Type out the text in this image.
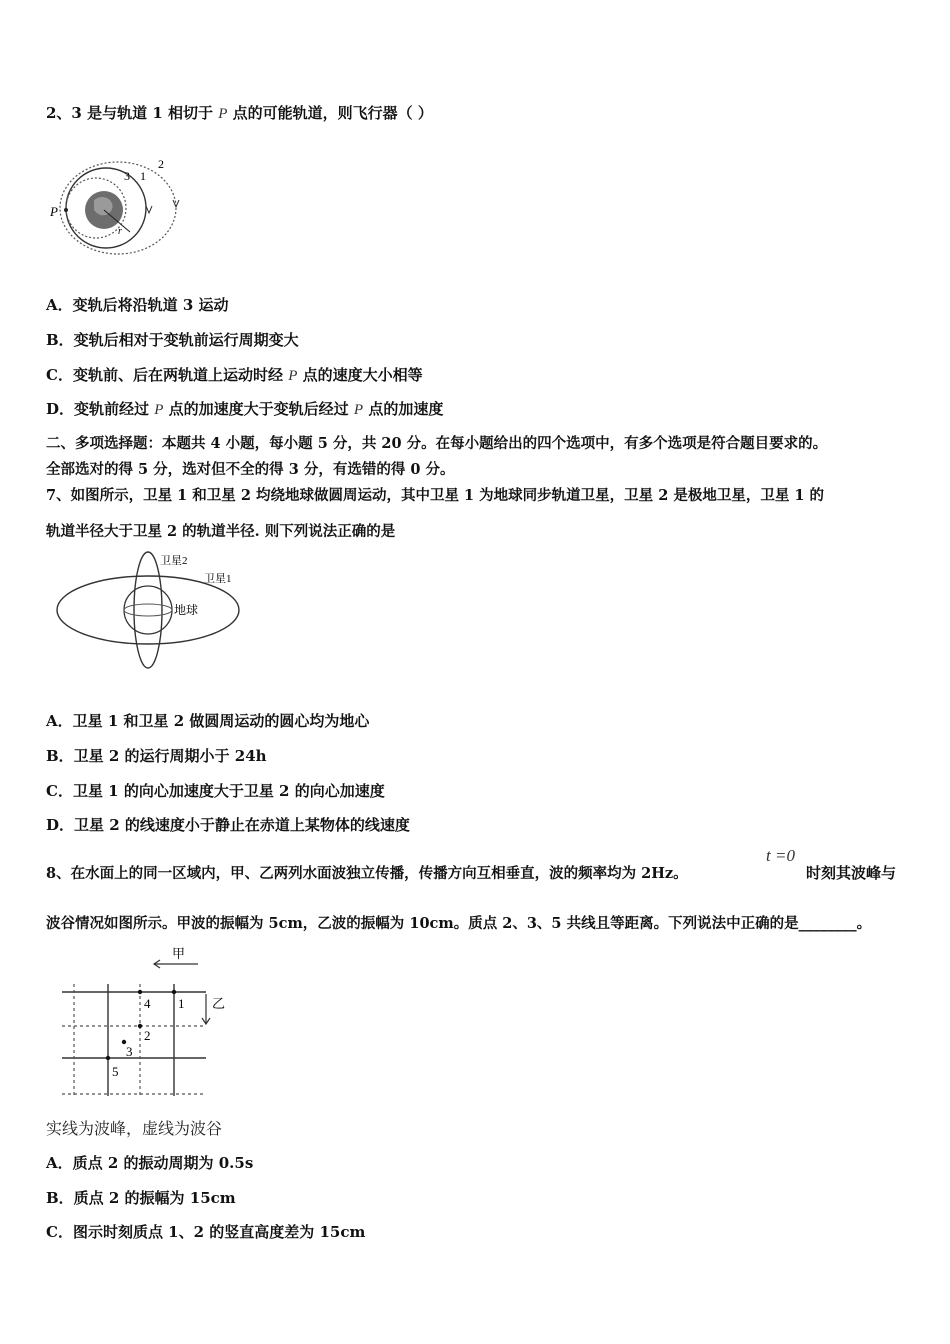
2、3 是与轨道 1 相切于 P 点的可能轨道，则飞行器（ ）
P
1
2
3
r
A．变轨后将沿轨道 3 运动
B．变轨后相对于变轨前运行周期变大
C．变轨前、后在两轨道上运动时经 P 点的速度大小相等
D．变轨前经过 P 点的加速度大于变轨后经过 P 点的加速度
二、多项选择题：本题共 4 小题，每小题 5 分，共 20 分。在每小题给出的四个选项中，有多个选项是符合题目要求的。
全部选对的得 5 分，选对但不全的得 3 分，有选错的得 0 分。
7、如图所示，卫星 1 和卫星 2 均绕地球做圆周运动，其中卫星 1 为地球同步轨道卫星，卫星 2 是极地卫星，卫星 1 的
轨道半径大于卫星 2 的轨道半径. 则下列说法正确的是
卫星2
卫星1
地球
A．卫星 1 和卫星 2 做圆周运动的圆心均为地心
B．卫星 2 的运行周期小于 24h
C．卫星 1 的向心加速度大于卫星 2 的向心加速度
D．卫星 2 的线速度小于静止在赤道上某物体的线速度
8、在水面上的同一区域内，甲、乙两列水面波独立传播，传播方向互相垂直，波的频率均为 2Hz。
t =0
时刻其波峰与
波谷情况如图所示。甲波的振幅为 5cm，乙波的振幅为 10cm。质点 2、3、5 共线且等距离。下列说法中正确的是________。
1
2
3
4
5
甲
乙
实线为波峰，虚线为波谷
A．质点 2 的振动周期为 0.5s
B．质点 2 的振幅为 15cm
C．图示时刻质点 1、2 的竖直高度差为 15cm
